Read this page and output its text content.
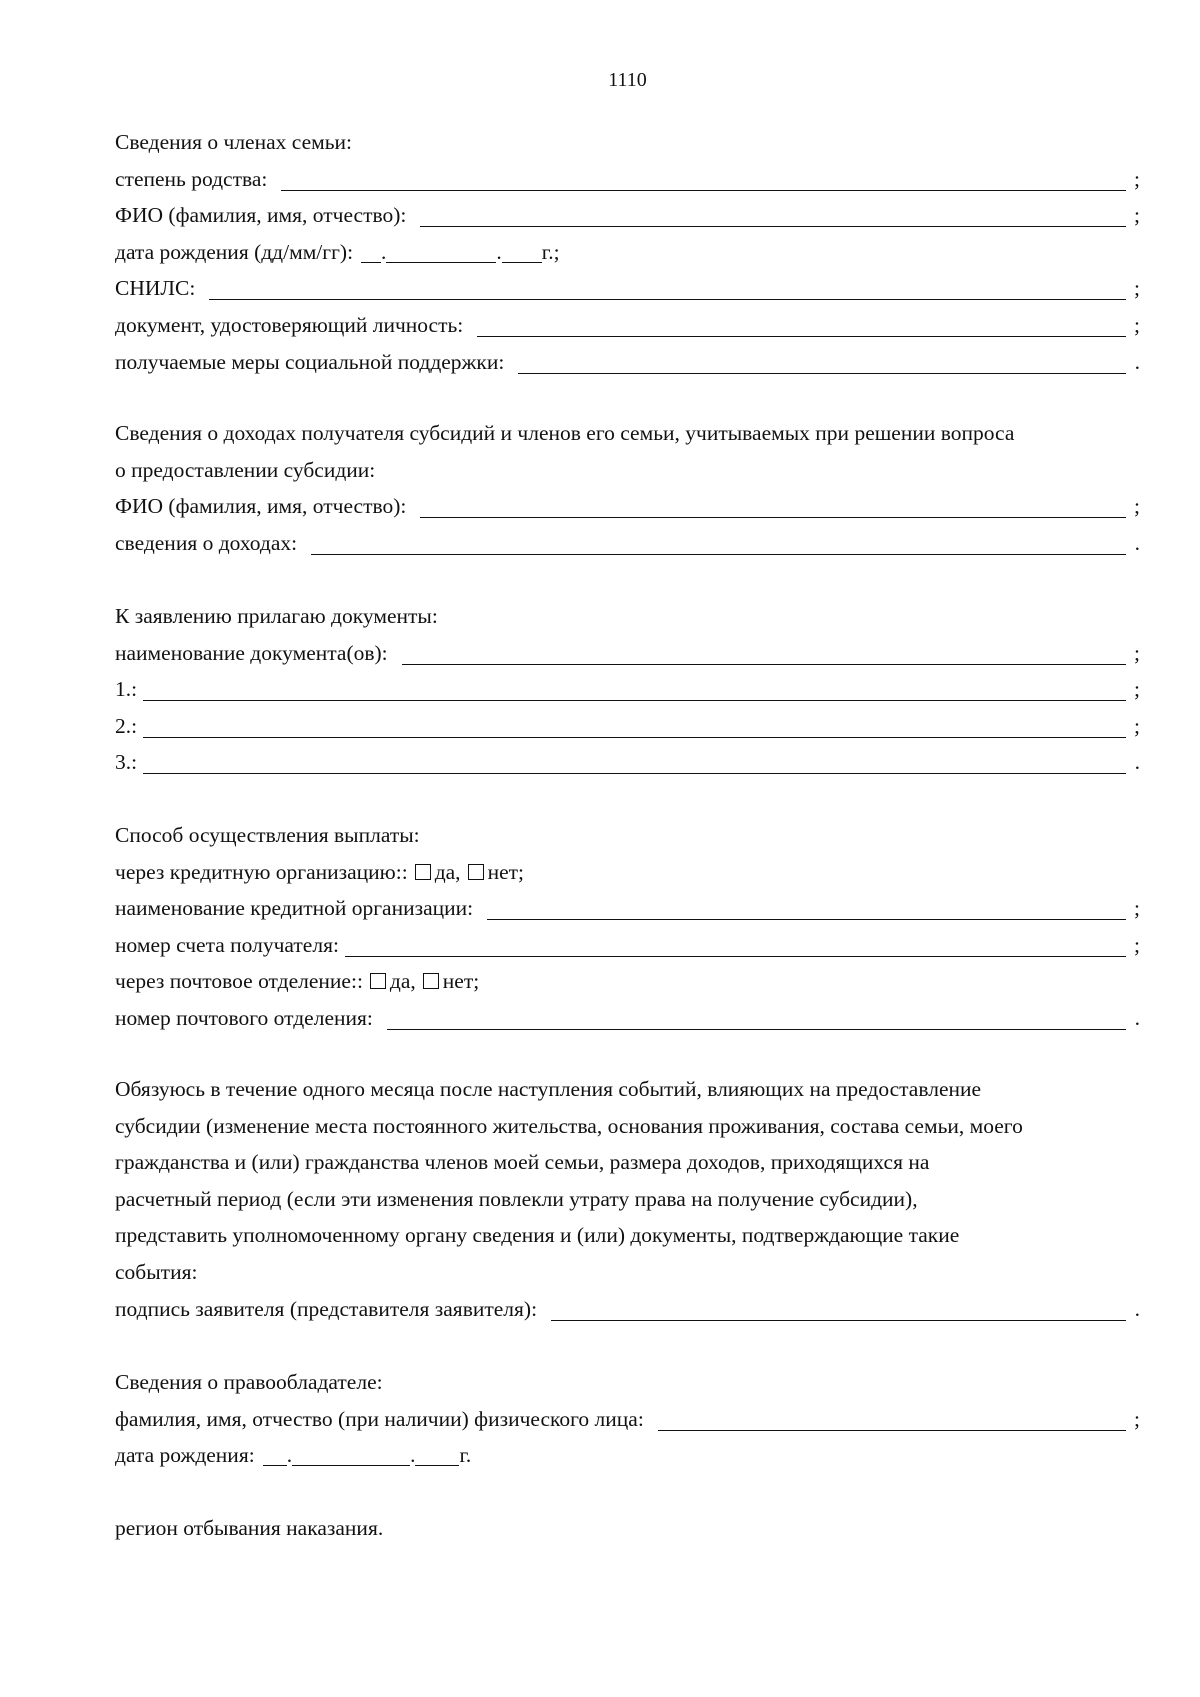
1110
Сведения о членах семьи:
степень родства:	;
ФИО (фамилия, имя, отчество):	;
дата рождения (дд/мм/гг): .	. г.;
СНИЛС:	;
документ, удостоверяющий личность:	;
получаемые меры социальной поддержки:	.
Сведения о доходах получателя субсидий и членов его семьи, учитываемых при решении вопроса
о предоставлении субсидии:
ФИО (фамилия, имя, отчество):	;
сведения о доходах:	.
К заявлению прилагаю документы:
наименование документа(ов):	;
1.:	;
2.:	;
3.:	.
Способ осуществления выплаты:
через кредитную организацию:: да, нет;
наименование кредитной организации:	;
номер счета получателя:	;
через почтовое отделение:: да, нет;
номер почтового отделения:	.
Обязуюсь в течение одного месяца после наступления событий, влияющих на предоставление
субсидии (изменение места постоянного жительства, основания проживания, состава семьи, моего
гражданства и (или) гражданства членов моей семьи, размера доходов, приходящихся на
расчетный период (если эти изменения повлекли утрату права на получение субсидии),
представить уполномоченному органу сведения и (или) документы, подтверждающие такие
события:
подпись заявителя (представителя заявителя):	.
Сведения о правообладателе:
фамилия, имя, отчество (при наличии) физического лица:	;
дата рождения: .	. г.
регион отбывания наказания.
